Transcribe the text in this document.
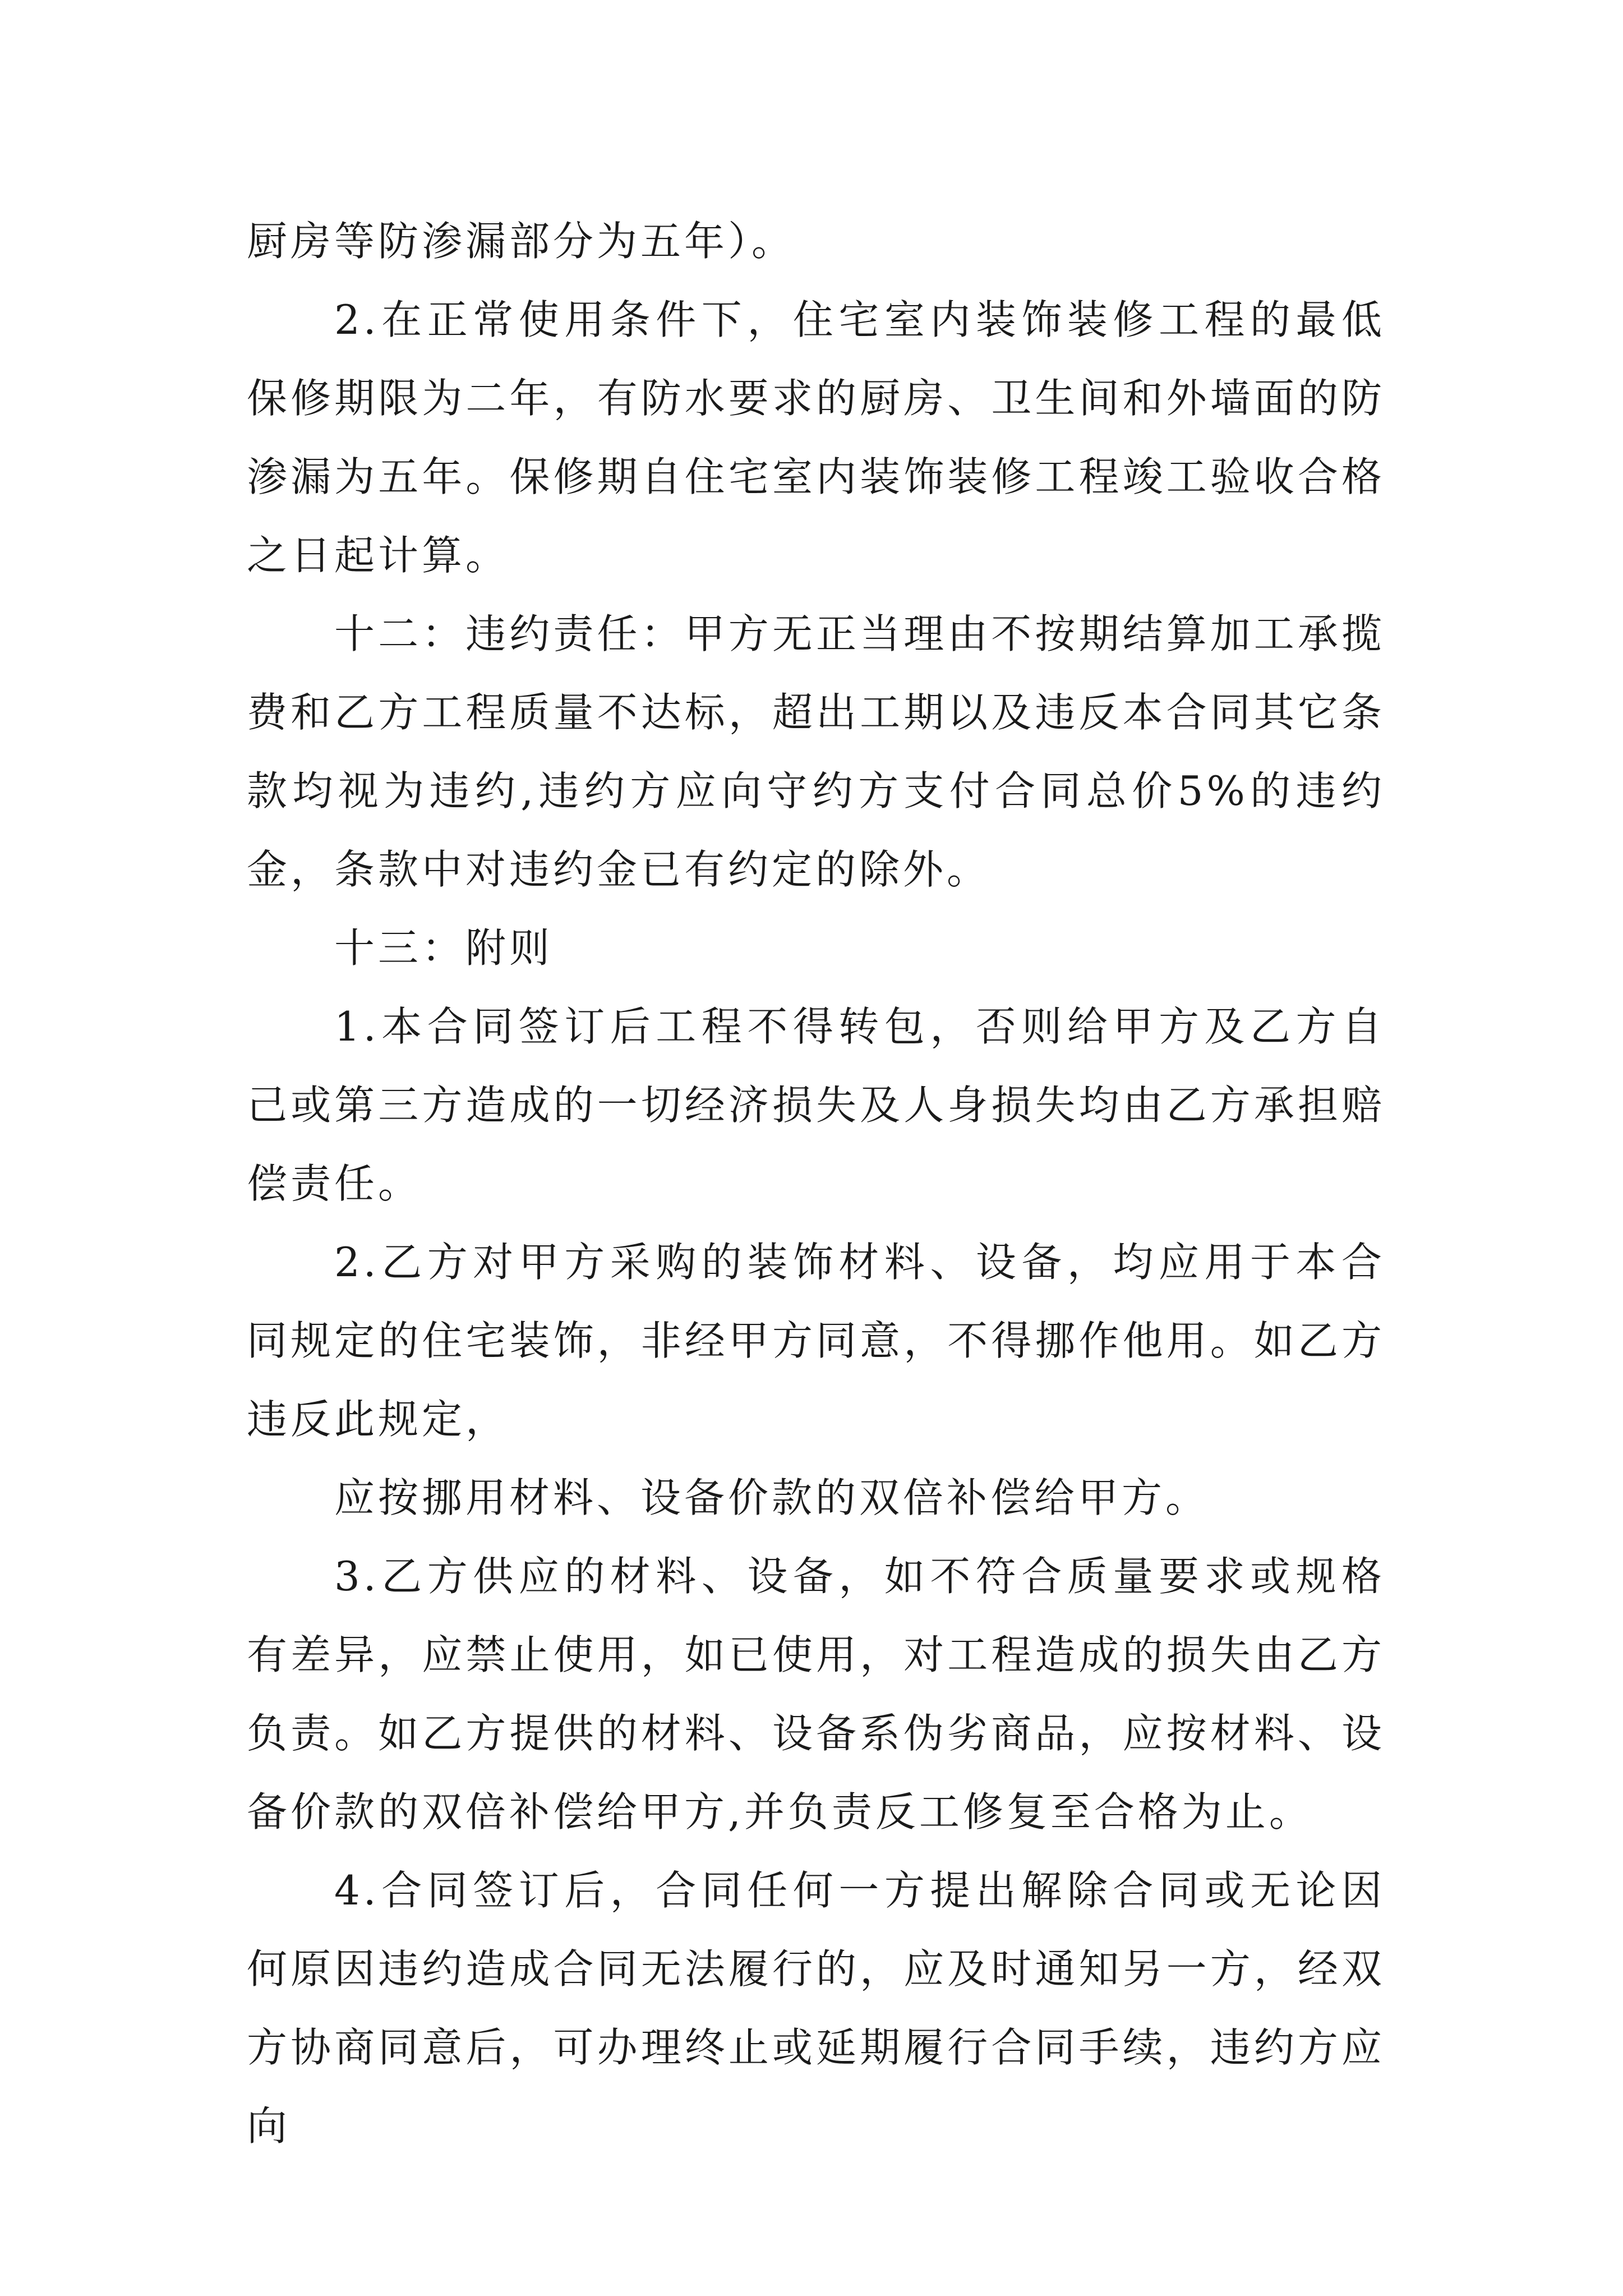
厨房等防渗漏部分为五年）。

2.在正常使用条件下，住宅室内装饰装修工程的最低保修期限为二年，有防水要求的厨房、卫生间和外墙面的防渗漏为五年。保修期自住宅室内装饰装修工程竣工验收合格之日起计算。

十二：违约责任：甲方无正当理由不按期结算加工承揽费和乙方工程质量不达标，超出工期以及违反本合同其它条款均视为违约,违约方应向守约方支付合同总价5%的违约金，条款中对违约金已有约定的除外。

十三：附则

1.本合同签订后工程不得转包，否则给甲方及乙方自己或第三方造成的一切经济损失及人身损失均由乙方承担赔偿责任。

2.乙方对甲方采购的装饰材料、设备，均应用于本合同规定的住宅装饰，非经甲方同意，不得挪作他用。如乙方违反此规定，

应按挪用材料、设备价款的双倍补偿给甲方。

3.乙方供应的材料、设备，如不符合质量要求或规格有差异，应禁止使用，如已使用，对工程造成的损失由乙方负责。如乙方提供的材料、设备系伪劣商品，应按材料、设备价款的双倍补偿给甲方,并负责反工修复至合格为止。

4.合同签订后，合同任何一方提出解除合同或无论因何原因违约造成合同无法履行的，应及时通知另一方，经双方协商同意后，可办理终止或延期履行合同手续，违约方应向
